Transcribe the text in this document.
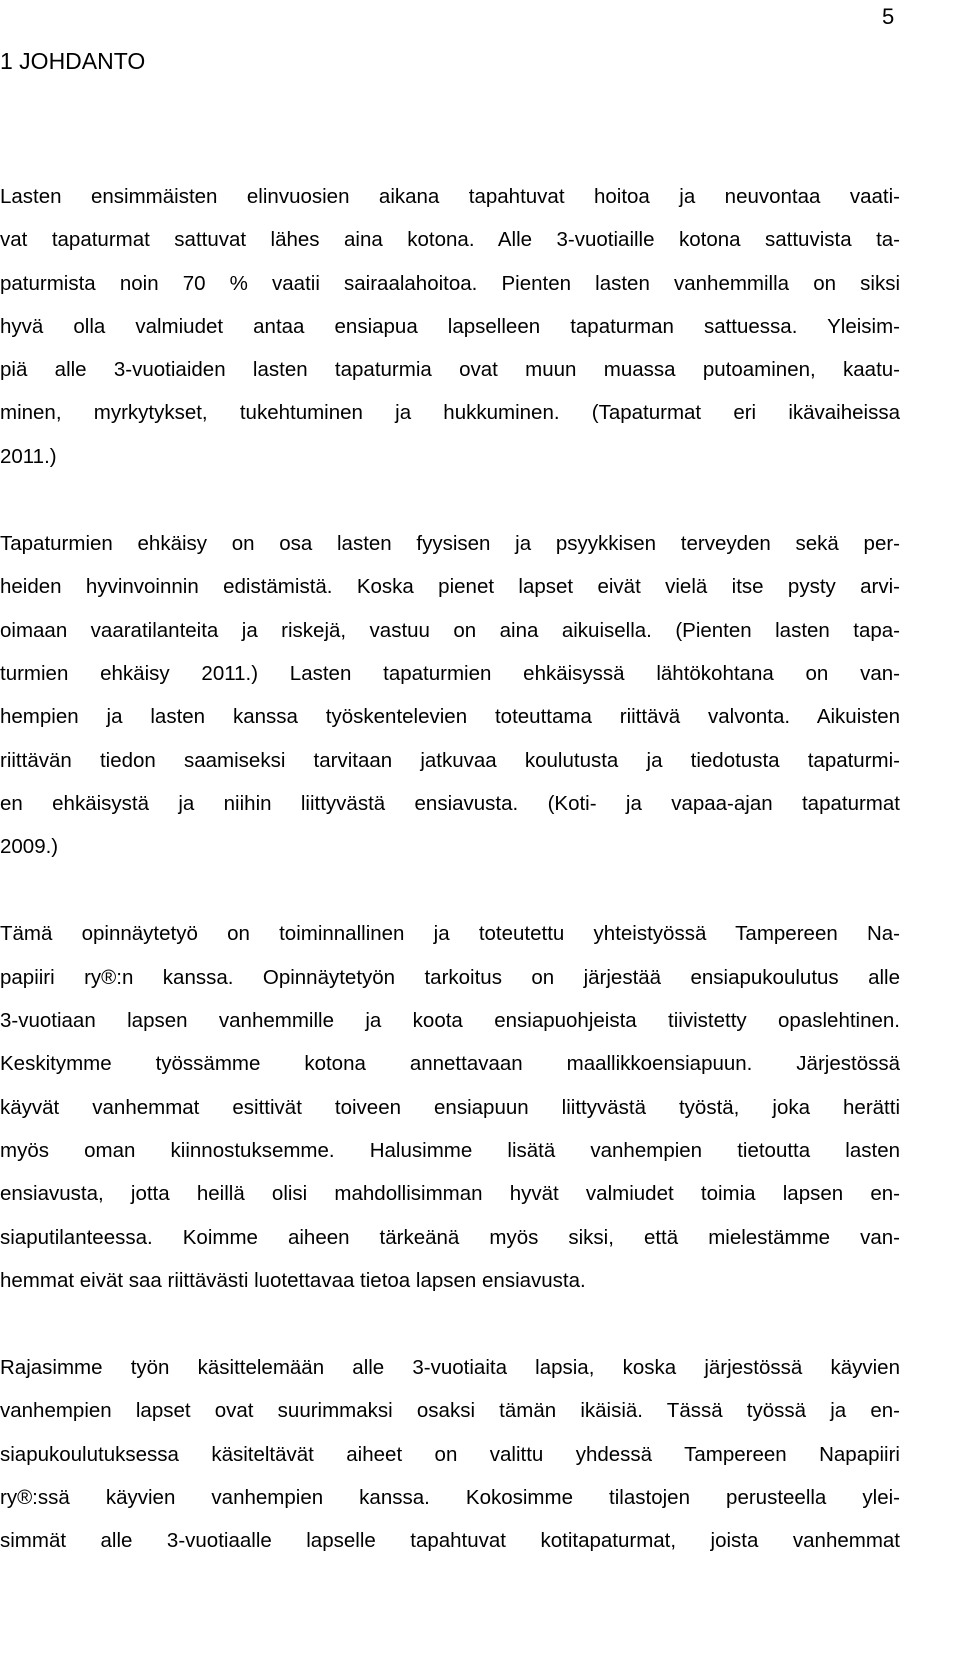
5
1 JOHDANTO
Lasten ensimmäisten elinvuosien aikana tapahtuvat hoitoa ja neuvontaa vaati-
vat tapaturmat sattuvat lähes aina kotona. Alle 3-vuotiaille kotona sattuvista ta-
paturmista noin 70 % vaatii sairaalahoitoa. Pienten lasten vanhemmilla on siksi
hyvä olla valmiudet antaa ensiapua lapselleen tapaturman sattuessa. Yleisim-
piä alle 3-vuotiaiden lasten tapaturmia ovat muun muassa putoaminen, kaatu-
minen, myrkytykset, tukehtuminen ja hukkuminen. (Tapaturmat eri ikävaiheissa
2011.)
Tapaturmien ehkäisy on osa lasten fyysisen ja psyykkisen terveyden sekä per-
heiden hyvinvoinnin edistämistä. Koska pienet lapset eivät vielä itse pysty arvi-
oimaan vaaratilanteita ja riskejä, vastuu on aina aikuisella. (Pienten lasten tapa-
turmien ehkäisy 2011.) Lasten tapaturmien ehkäisyssä lähtökohtana on van-
hempien ja lasten kanssa työskentelevien toteuttama riittävä valvonta. Aikuisten
riittävän tiedon saamiseksi tarvitaan jatkuvaa koulutusta ja tiedotusta tapaturmi-
en ehkäisystä ja niihin liittyvästä ensiavusta. (Koti- ja vapaa-ajan tapaturmat
2009.)
Tämä opinnäytetyö on toiminnallinen ja toteutettu yhteistyössä Tampereen Na-
papiiri ry®:n kanssa. Opinnäytetyön tarkoitus on järjestää ensiapukoulutus alle
3-vuotiaan lapsen vanhemmille ja koota ensiapuohjeista tiivistetty opaslehtinen.
Keskitymme työssämme kotona annettavaan maallikkoensiapuun. Järjestössä
käyvät vanhemmat esittivät toiveen ensiapuun liittyvästä työstä, joka herätti
myös oman kiinnostuksemme. Halusimme lisätä vanhempien tietoutta lasten
ensiavusta, jotta heillä olisi mahdollisimman hyvät valmiudet toimia lapsen en-
siaputilanteessa. Koimme aiheen tärkeänä myös siksi, että mielestämme van-
hemmat eivät saa riittävästi luotettavaa tietoa lapsen ensiavusta.
Rajasimme työn käsittelemään alle 3-vuotiaita lapsia, koska järjestössä käyvien
vanhempien lapset ovat suurimmaksi osaksi tämän ikäisiä. Tässä työssä ja en-
siapukoulutuksessa käsiteltävät aiheet on valittu yhdessä Tampereen Napapiiri
ry®:ssä käyvien vanhempien kanssa. Kokosimme tilastojen perusteella ylei-
simmät alle 3-vuotiaalle lapselle tapahtuvat kotitapaturmat, joista vanhemmat
